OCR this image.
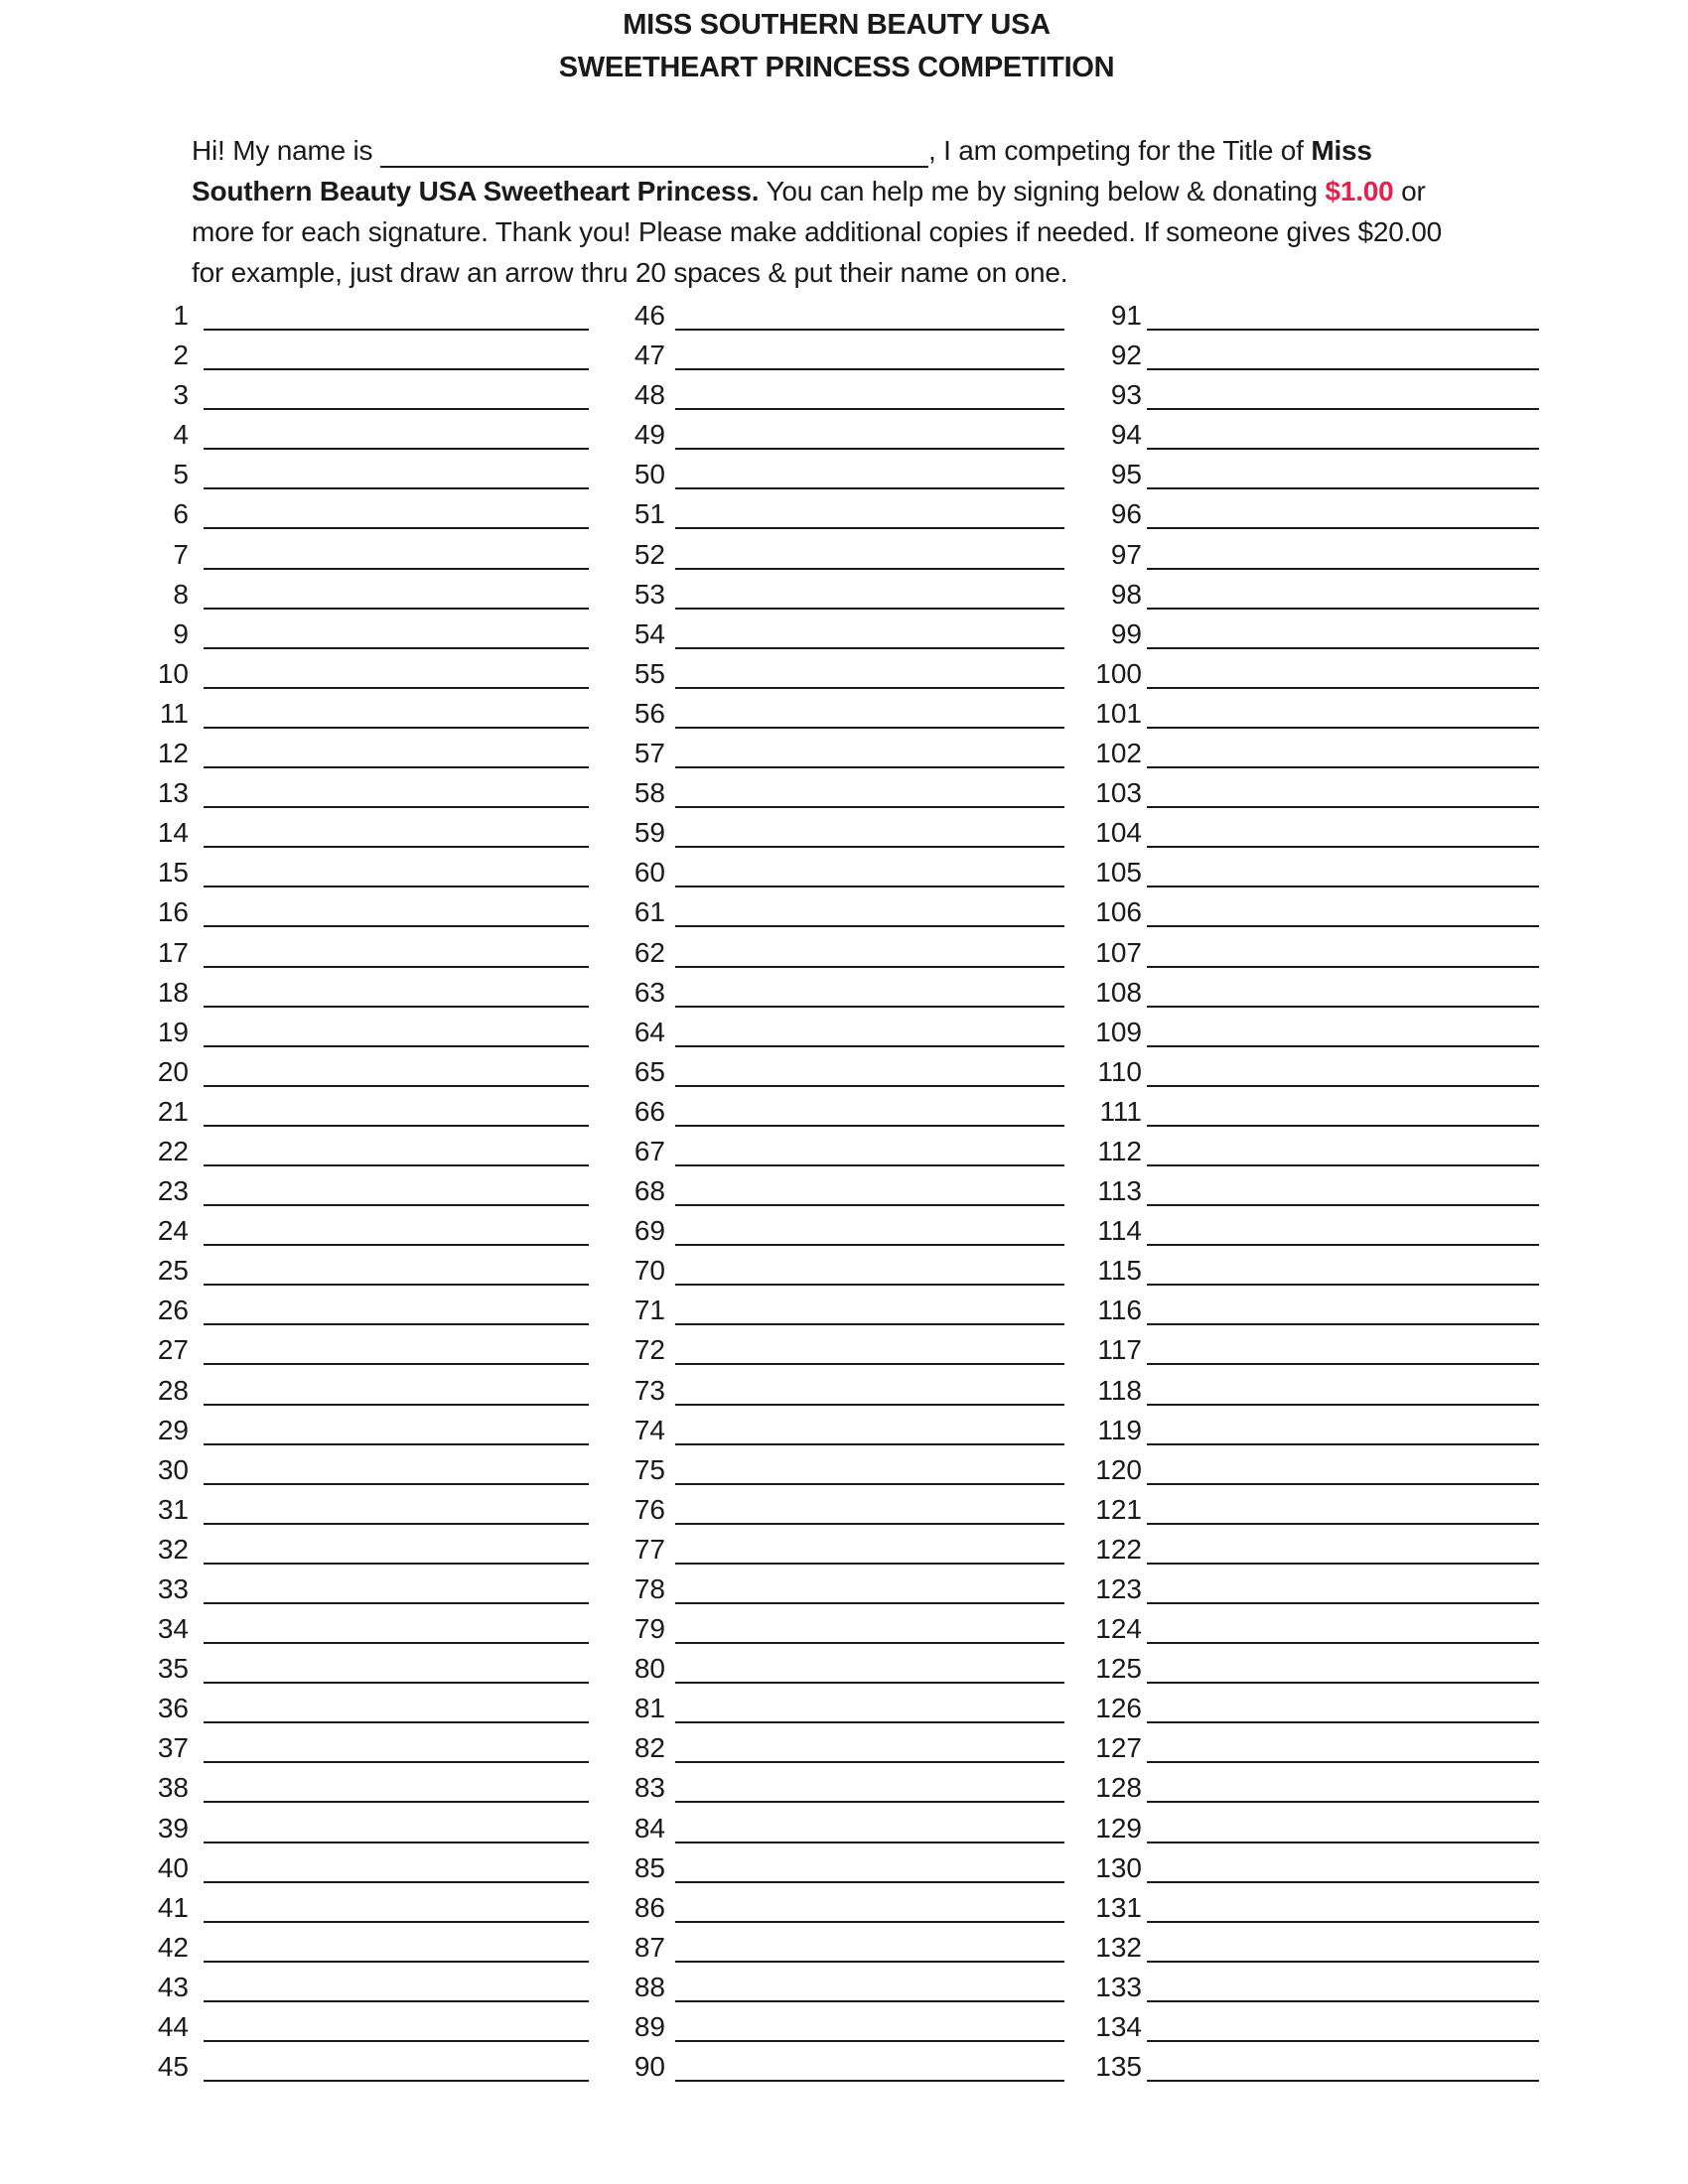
MISS SOUTHERN BEAUTY USA
SWEETHEART PRINCESS COMPETITION
Hi! My name is	, I am competing for the Title of Miss
Southern Beauty USA Sweetheart Princess. You can help me by signing below & donating $1.00 or
more for each signature. Thank you! Please make additional copies if needed. If someone gives $20.00
for example, just draw an arrow thru 20 spaces & put their name on one.
1
2
3
4
5
6
7
8
9
10
11
12
13
14
15
16
17
18
19
20
21
22
23
24
25
26
27
28
29
30
31
32
33
34
35
36
37
38
39
40
41
42
43
44
45
46
47
48
49
50
51
52
53
54
55
56
57
58
59
60
61
62
63
64
65
66
67
68
69
70
71
72
73
74
75
76
77
78
79
80
81
82
83
84
85
86
87
88
89
90
91
92
93
94
95
96
97
98
99
100
101
102
103
104
105
106
107
108
109
110
111
112
113
114
115
116
117
118
119
120
121
122
123
124
125
126
127
128
129
130
131
132
133
134
135
